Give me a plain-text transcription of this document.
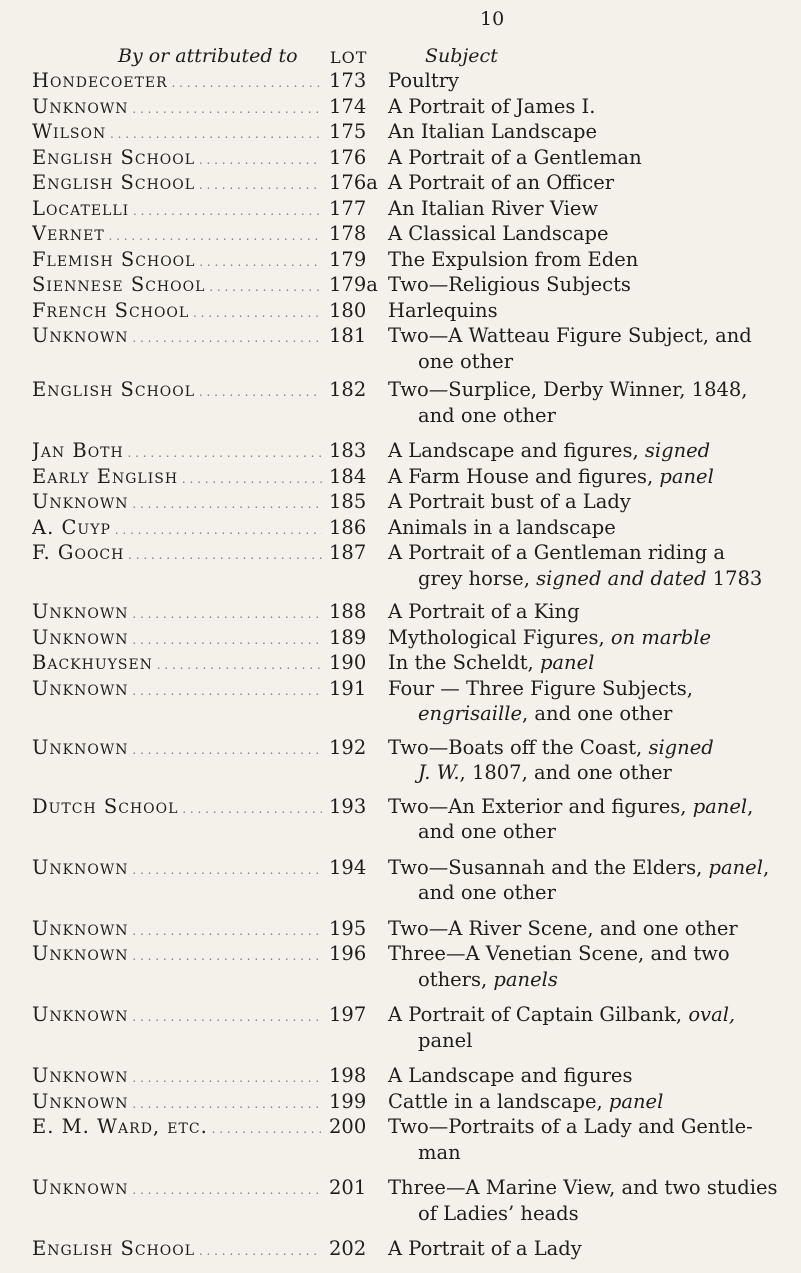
10
By or attributed to LOT	Subject
Hondecoeter . . .	173	Poultry
Unknown . . .	174	A Portrait of James I.
Wilson . . .	175	An Italian Landscape
English School . . .	176	A Portrait of a Gentleman
English School . . .	176a A Portrait of an Officer
Locatelli . . .	177	An Italian River View
Vernet . . .	178	A Classical Landscape
Flemish School . . .	179	The Expulsion from Eden
Siennese School . . .	179a Two—Religious Subjects
French School . . .	180	Harlequins
Unknown . . .	181	Two—A Watteau Figure Subject, and
one other
English School . . .	182	Two—Surplice, Derby Winner, 1848,
and one other
Jan Both . . .	183	A Landscape and figures, signed
Early English . . .	184	A Farm House and figures, panel
Unknown . . .	185	A Portrait bust of a Lady
A. Cuyp . . .	186	Animals in a landscape
F. Gooch . . .	187	A Portrait of a Gentleman riding a
grey horse, signed and dated 1783
Unknown . . .	188	A Portrait of a King
Unknown . . .	189	Mythological Figures, on marble
Backhuysen . . .	190	In the Scheldt, panel
Unknown . . .	191	Four — Three Figure Subjects,
engrisaille, and one other
Unknown . . .	192	Two—Boats off the Coast, signed
J. W., 1807, and one other
Dutch School . . .	193	Two—An Exterior and figures, panel,
and one other
Unknown . . .	194	Two—Susannah and the Elders, panel,
and one other
Unknown . . .	195	Two—A River Scene, and one other
Unknown . . .	196	Three—A Venetian Scene, and two
others, panels
Unknown . . .	197	A Portrait of Captain Gilbank, oval,
panel
Unknown . . .	198	A Landscape and figures
Unknown . . .	199	Cattle in a landscape, panel
E. M. Ward, etc. . . .	200	Two—Portraits of a Lady and Gentle-
man
Unknown . . .	201	Three—A Marine View, and two studies
of Ladies’ heads
English School . . .	202	A Portrait of a Lady
